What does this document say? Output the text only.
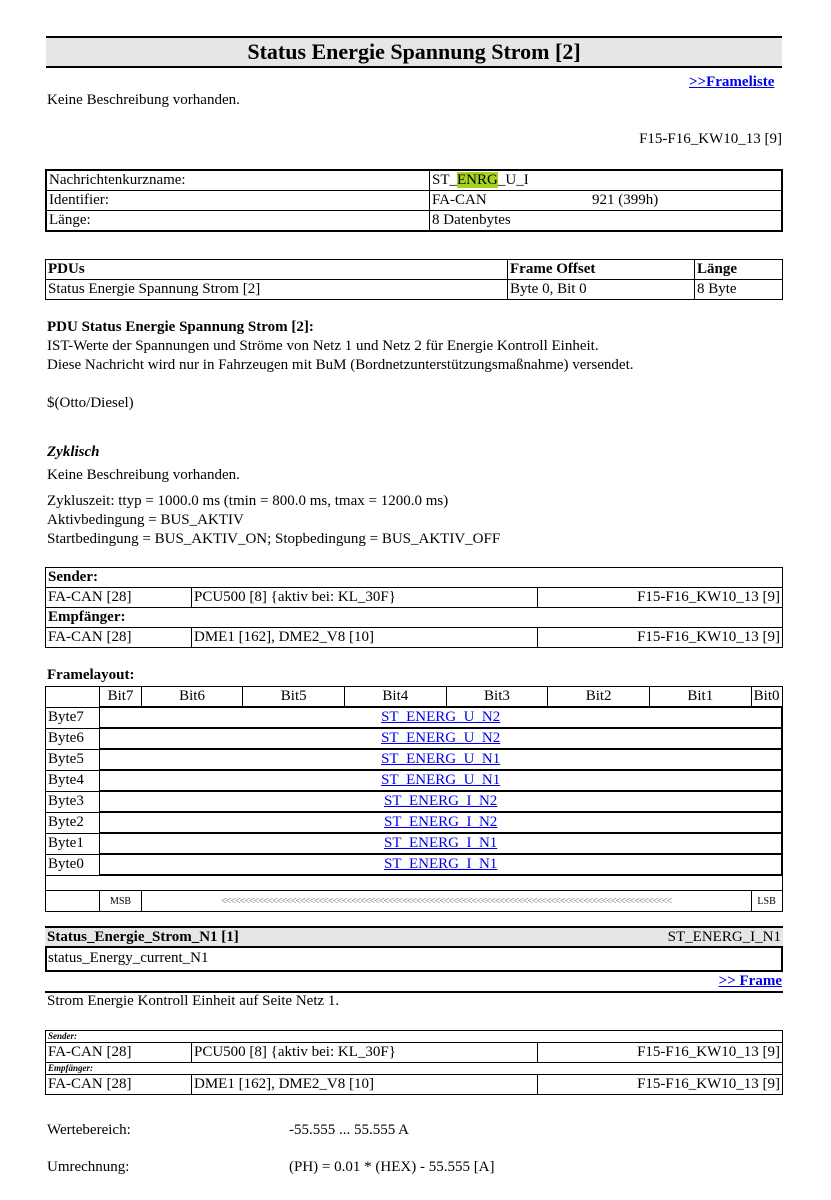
Status Energie Spannung Strom [2]
>>Frameliste
Keine Beschreibung vorhanden.
F15-F16_KW10_13 [9]
Nachrichtenkurzname:	ST_ENRG_U_I
Identifier:	FA-CAN 921 (399h)
Länge:	8 Datenbytes
PDUs	Frame Offset	Länge
Status Energie Spannung Strom [2]	Byte 0, Bit 0	8 Byte
PDU Status Energie Spannung Strom [2]:
IST-Werte der Spannungen und Ströme von Netz 1 und Netz 2 für Energie Kontroll Einheit.
Diese Nachricht wird nur in Fahrzeugen mit BuM (Bordnetzunterstützungsmaßnahme) versendet.
$(Otto/Diesel)
Zyklisch
Keine Beschreibung vorhanden.
Zykluszeit: ttyp = 1000.0 ms (tmin = 800.0 ms, tmax = 1200.0 ms)
Aktivbedingung = BUS_AKTIV
Startbedingung = BUS_AKTIV_ON; Stopbedingung = BUS_AKTIV_OFF
Sender:		
FA-CAN [28]	PCU500 [8] {aktiv bei: KL_30F}	F15-F16_KW10_13 [9]
Empfänger:		
FA-CAN [28]	DME1 [162], DME2_V8 [10]	F15-F16_KW10_13 [9]
Framelayout:
	Bit7	Bit6	Bit5	Bit4	Bit3	Bit2	Bit1	Bit0
Byte7	ST_ENERG_U_N2							
Byte6	ST_ENERG_U_N2							
Byte5	ST_ENERG_U_N1							
Byte4	ST_ENERG_U_N1							
Byte3	ST_ENERG_I_N2							
Byte2	ST_ENERG_I_N2							
Byte1	ST_ENERG_I_N1							
Byte0	ST_ENERG_I_N1							

	MSB	<<<<<<<<<<<<<<<<<<<<<<<<<<<<<<<<<<<<<<<<<<<<<<<<<<<<<<<<<<<<<<<<<<<<<<<<<<<<<<<<<<<<<<<<<<<<<<<<<						LSB
Status_Energie_Strom_N1 [1]	ST_ENERG_I_N1
status_Energy_current_N1
>> Frame
Strom Energie Kontroll Einheit auf Seite Netz 1.
Sender:		
FA-CAN [28]	PCU500 [8] {aktiv bei: KL_30F}	F15-F16_KW10_13 [9]
Empfänger:		
FA-CAN [28]	DME1 [162], DME2_V8 [10]	F15-F16_KW10_13 [9]
Wertebereich:	-55.555 ... 55.555 A
Umrechnung:	(PH) = 0.01 * (HEX) - 55.555 [A]
